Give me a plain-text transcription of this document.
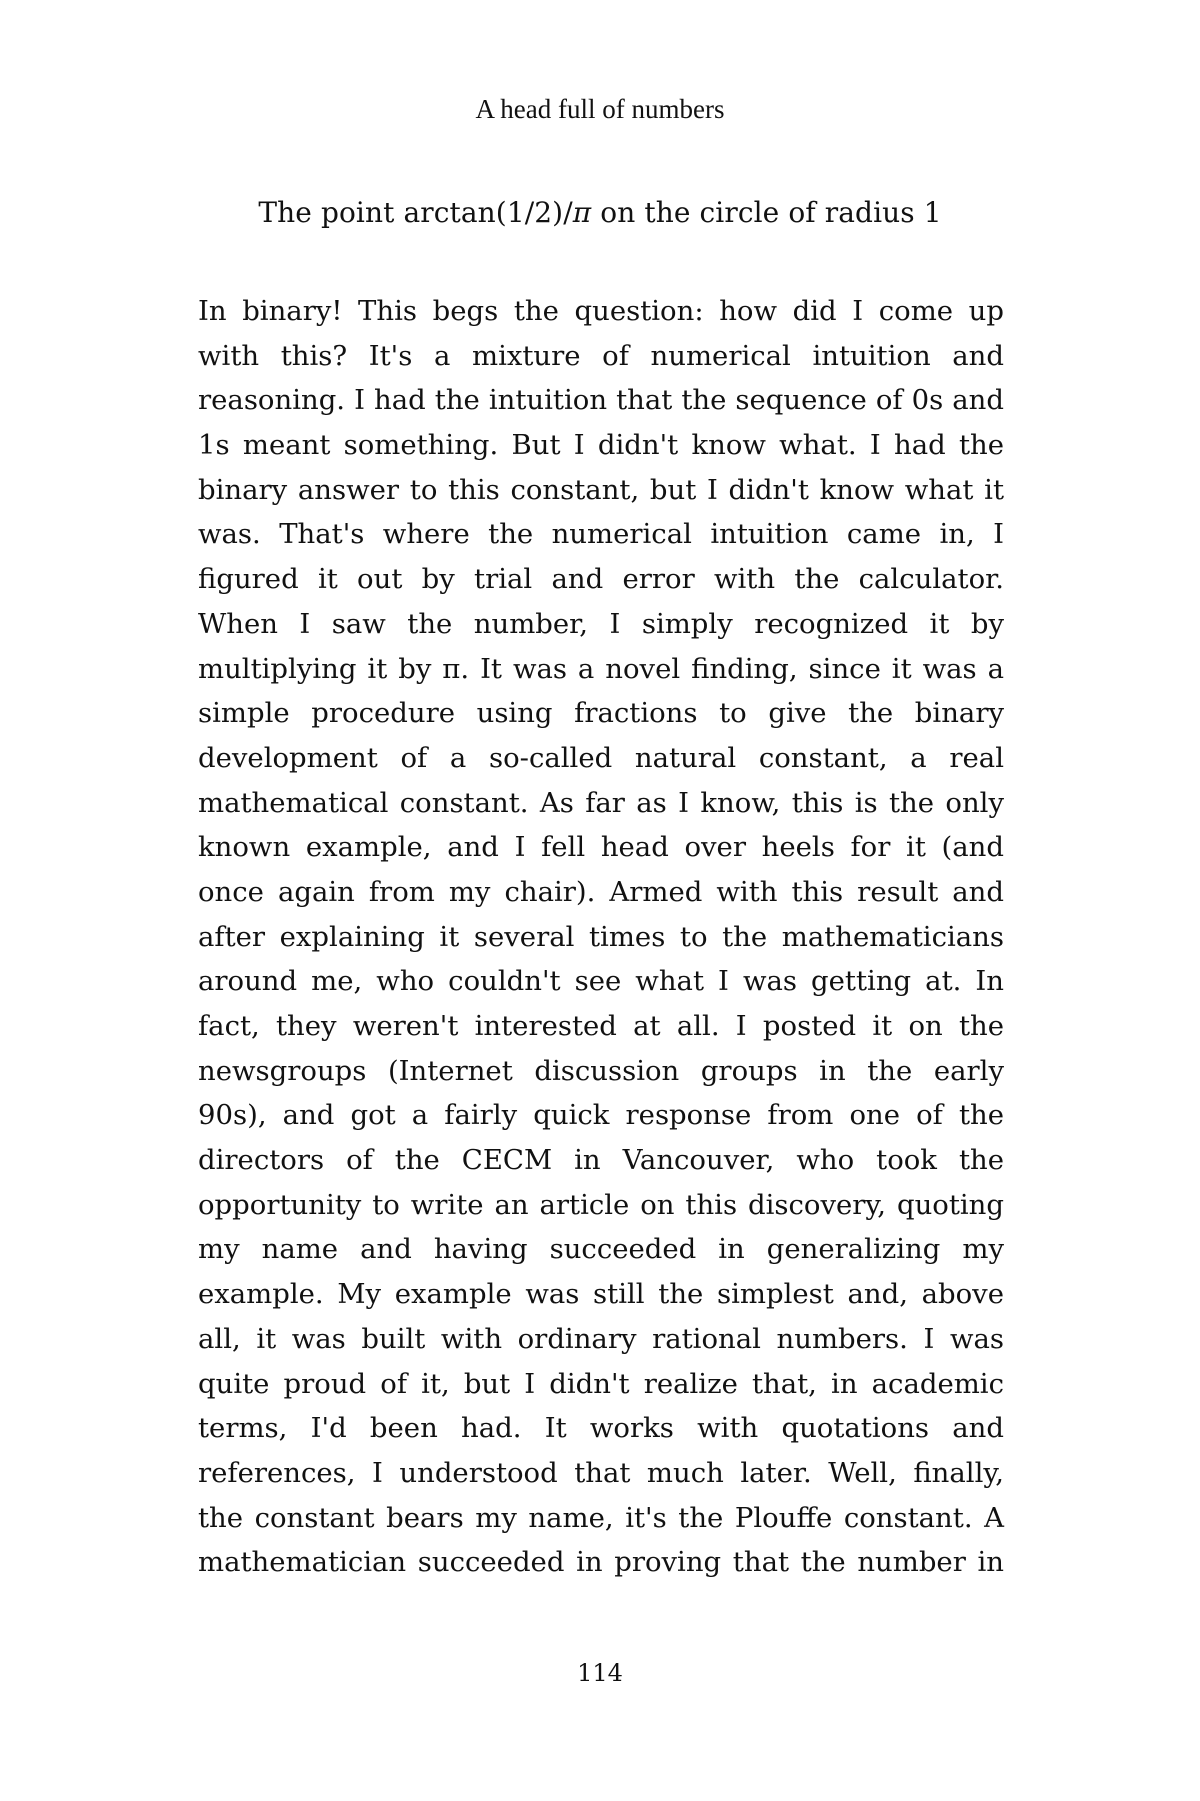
A head full of numbers
The point arctan(1/2)/π on the circle of radius 1
In binary! This begs the question: how did I come up
with this? It's a mixture of numerical intuition and
reasoning. I had the intuition that the sequence of 0s and
1s meant something. But I didn't know what. I had the
binary answer to this constant, but I didn't know what it
was. That's where the numerical intuition came in, I
figured it out by trial and error with the calculator.
When I saw the number, I simply recognized it by
multiplying it by π. It was a novel finding, since it was a
simple procedure using fractions to give the binary
development of a so-called natural constant, a real
mathematical constant. As far as I know, this is the only
known example, and I fell head over heels for it (and
once again from my chair). Armed with this result and
after explaining it several times to the mathematicians
around me, who couldn't see what I was getting at. In
fact, they weren't interested at all. I posted it on the
newsgroups (Internet discussion groups in the early
90s), and got a fairly quick response from one of the
directors of the CECM in Vancouver, who took the
opportunity to write an article on this discovery, quoting
my name and having succeeded in generalizing my
example. My example was still the simplest and, above
all, it was built with ordinary rational numbers. I was
quite proud of it, but I didn't realize that, in academic
terms, I'd been had. It works with quotations and
references, I understood that much later. Well, finally,
the constant bears my name, it's the Plouffe constant. A
mathematician succeeded in proving that the number in
114
